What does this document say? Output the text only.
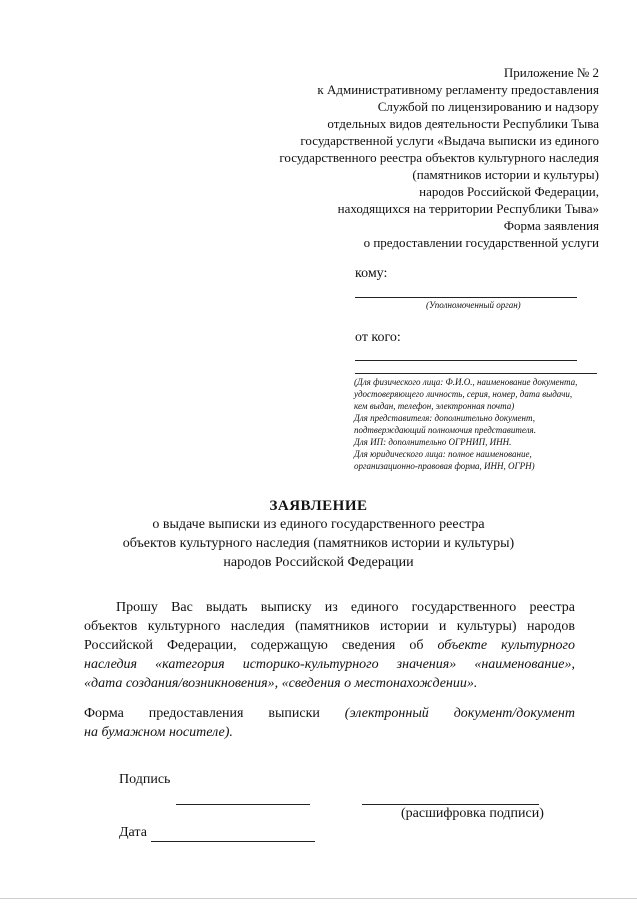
Приложение № 2
к Административному регламенту предоставления
Службой по лицензированию и надзору
отдельных видов деятельности Республики Тыва
государственной услуги «Выдача выписки из единого
государственного реестра объектов культурного наследия
(памятников истории и культуры)
народов Российской Федерации,
находящихся на территории Республики Тыва»
Форма заявления
о предоставлении государственной услуги
кому:
(Уполномоченный орган)
от кого:
(Для физического лица: Ф.И.О., наименование документа,
удостоверяющего личность, серия, номер, дата выдачи,
кем выдан, телефон, электронная почта)
Для представителя: дополнительно документ,
подтверждающий полномочия представителя.
Для ИП: дополнительно ОГРНИП, ИНН.
Для юридического лица: полное наименование,
организационно-правовая форма, ИНН, ОГРН)
ЗАЯВЛЕНИЕ
о выдаче выписки из единого государственного реестра
объектов культурного наследия (памятников истории и культуры)
народов Российской Федерации
Прошу Вас выдать выписку из единого государственного реестра
объектов культурного наследия (памятников истории и культуры) народов
Российской Федерации, содержащую сведения об объекте культурного
наследия «категория историко-культурного значения» «наименование»,
«дата создания/возникновения», «сведения о местонахождении».
Форма предоставления выписки (электронный документ/документ
на бумажном носителе).
Подпись
(расшифровка подписи)
Дата
